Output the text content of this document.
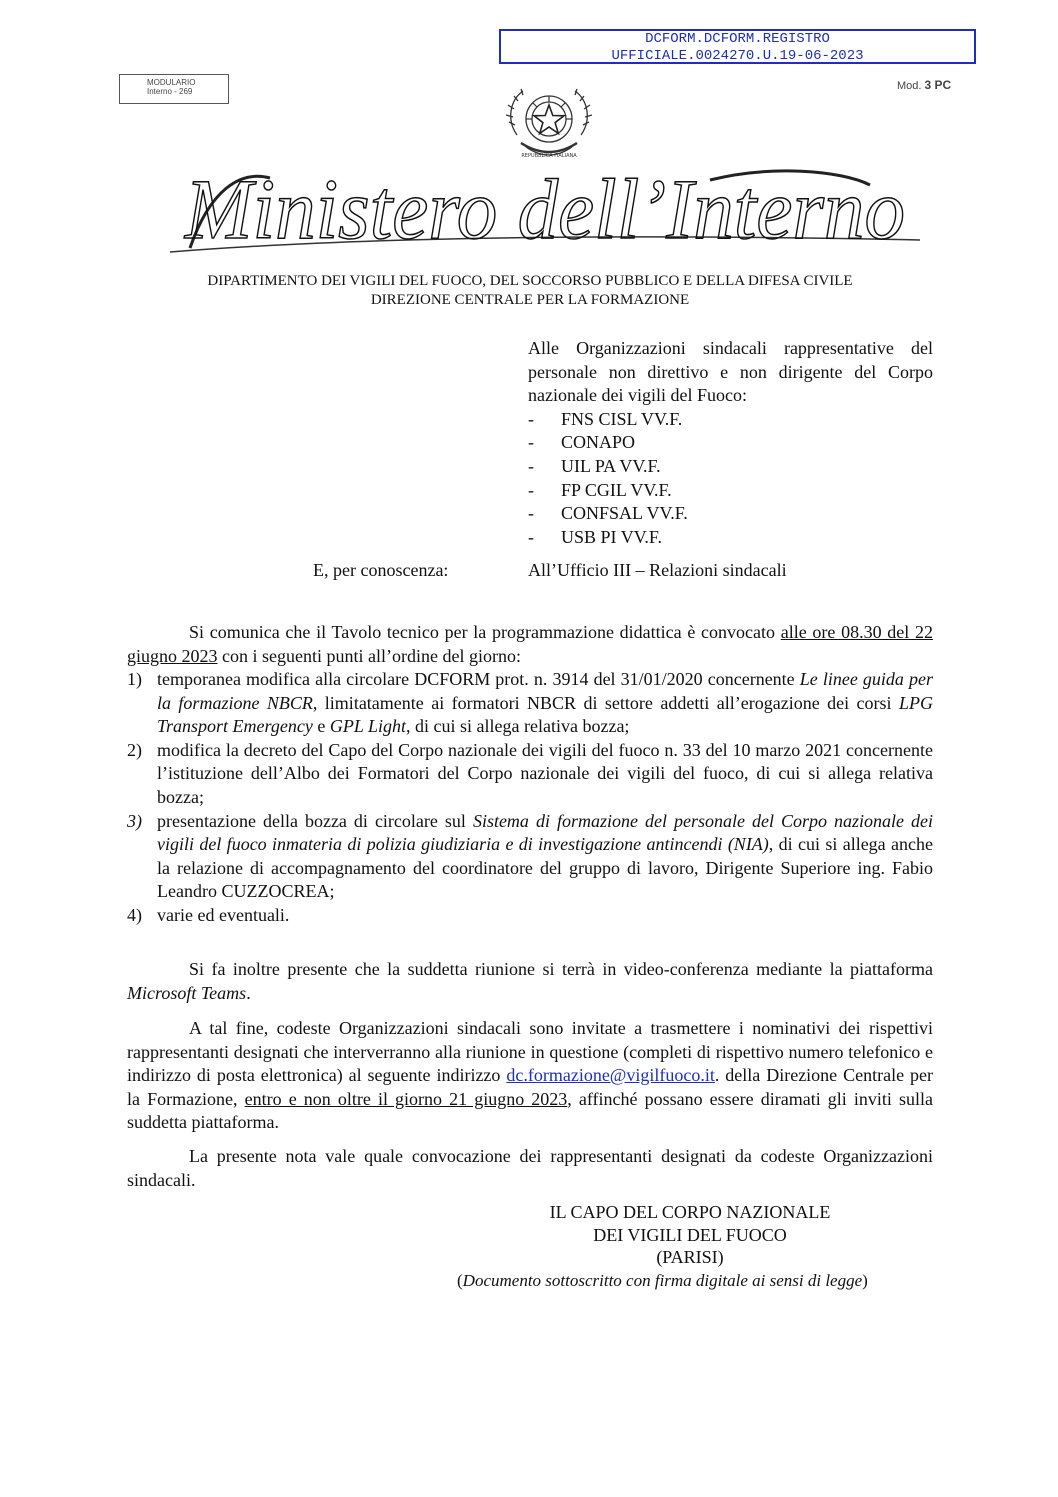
DCFORM.DCFORM.REGISTRO
UFFICIALE.0024270.U.19-06-2023
MODULARIO
Interno - 269	Mod. 3 PC
REPUBBLICA ITALIANA
Ministero dell’Interno
DIPARTIMENTO DEI VIGILI DEL FUOCO, DEL SOCCORSO PUBBLICO E DELLA DIFESA CIVILE
DIREZIONE CENTRALE PER LA FORMAZIONE
Alle Organizzazioni sindacali rappresentative del personale non direttivo e non dirigente del Corpo nazionale dei vigili del Fuoco:
-	FNS CISL VV.F.
-	CONAPO
-	UIL PA VV.F.
-	FP CGIL VV.F.
-	CONFSAL VV.F.
-	USB PI VV.F.
E, per conoscenza:	All’Ufficio III – Relazioni sindacali
Si comunica che il Tavolo tecnico per la programmazione didattica è convocato alle ore 08.30 del 22 giugno 2023 con i seguenti punti all’ordine del giorno:
1) temporanea modifica alla circolare DCFORM prot. n. 3914 del 31/01/2020 concernente Le linee guida per la formazione NBCR, limitatamente ai formatori NBCR di settore addetti all’erogazione dei corsi LPG Transport Emergency e GPL Light, di cui si allega relativa bozza;
2) modifica la decreto del Capo del Corpo nazionale dei vigili del fuoco n. 33 del 10 marzo 2021 concernente l’istituzione dell’Albo dei Formatori del Corpo nazionale dei vigili del fuoco, di cui si allega relativa bozza;
3) presentazione della bozza di circolare sul Sistema di formazione del personale del Corpo nazionale dei vigili del fuoco inmateria di polizia giudiziaria e di investigazione antincendi (NIA), di cui si allega anche la relazione di accompagnamento del coordinatore del gruppo di lavoro, Dirigente Superiore ing. Fabio Leandro CUZZOCREA;
4) varie ed eventuali.
Si fa inoltre presente che la suddetta riunione si terrà in video-conferenza mediante la piattaforma Microsoft Teams.
A tal fine, codeste Organizzazioni sindacali sono invitate a trasmettere i nominativi dei rispettivi rappresentanti designati che interverranno alla riunione in questione (completi di rispettivo numero telefonico e indirizzo di posta elettronica) al seguente indirizzo dc.formazione@vigilfuoco.it. della Direzione Centrale per la Formazione, entro e non oltre il giorno 21 giugno 2023, affinché possano essere diramati gli inviti sulla suddetta piattaforma.
La presente nota vale quale convocazione dei rappresentanti designati da codeste Organizzazioni sindacali.
IL CAPO DEL CORPO NAZIONALE
DEI VIGILI DEL FUOCO
(PARISI)
(Documento sottoscritto con firma digitale ai sensi di legge)
